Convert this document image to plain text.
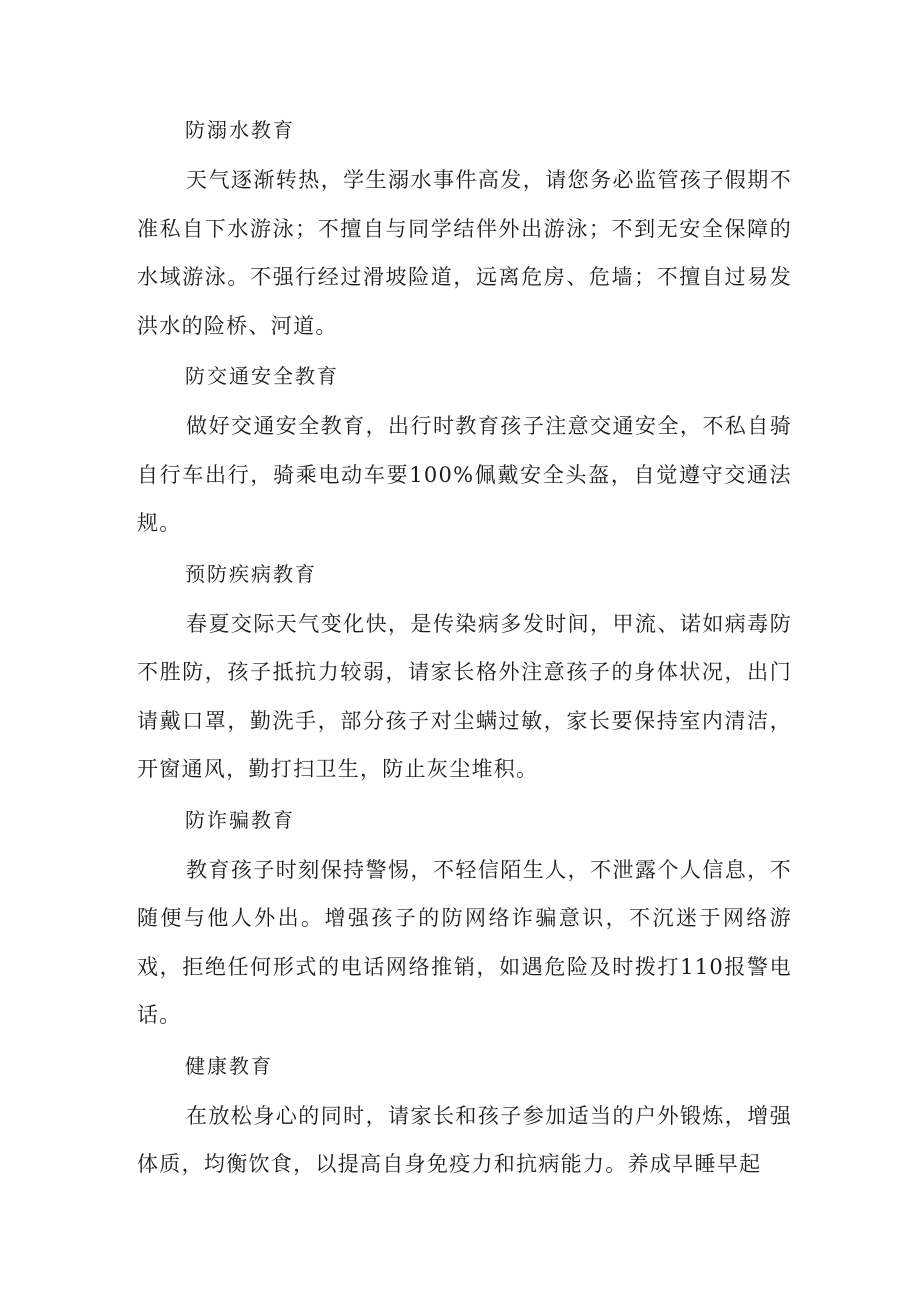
防溺水教育

天气逐渐转热，学生溺水事件高发，请您务必监管孩子假期不准私自下水游泳；不擅自与同学结伴外出游泳；不到无安全保障的水域游泳。不强行经过滑坡险道，远离危房、危墙；不擅自过易发洪水的险桥、河道。

防交通安全教育

做好交通安全教育，出行时教育孩子注意交通安全，不私自骑自行车出行，骑乘电动车要100%佩戴安全头盔，自觉遵守交通法规。

预防疾病教育

春夏交际天气变化快，是传染病多发时间，甲流、诺如病毒防不胜防，孩子抵抗力较弱，请家长格外注意孩子的身体状况，出门请戴口罩，勤洗手，部分孩子对尘螨过敏，家长要保持室内清洁，开窗通风，勤打扫卫生，防止灰尘堆积。

防诈骗教育

教育孩子时刻保持警惕，不轻信陌生人，不泄露个人信息，不随便与他人外出。增强孩子的防网络诈骗意识，不沉迷于网络游戏，拒绝任何形式的电话网络推销，如遇危险及时拨打110报警电话。

健康教育

在放松身心的同时，请家长和孩子参加适当的户外锻炼，增强体质，均衡饮食，以提高自身免疫力和抗病能力。养成早睡早起
